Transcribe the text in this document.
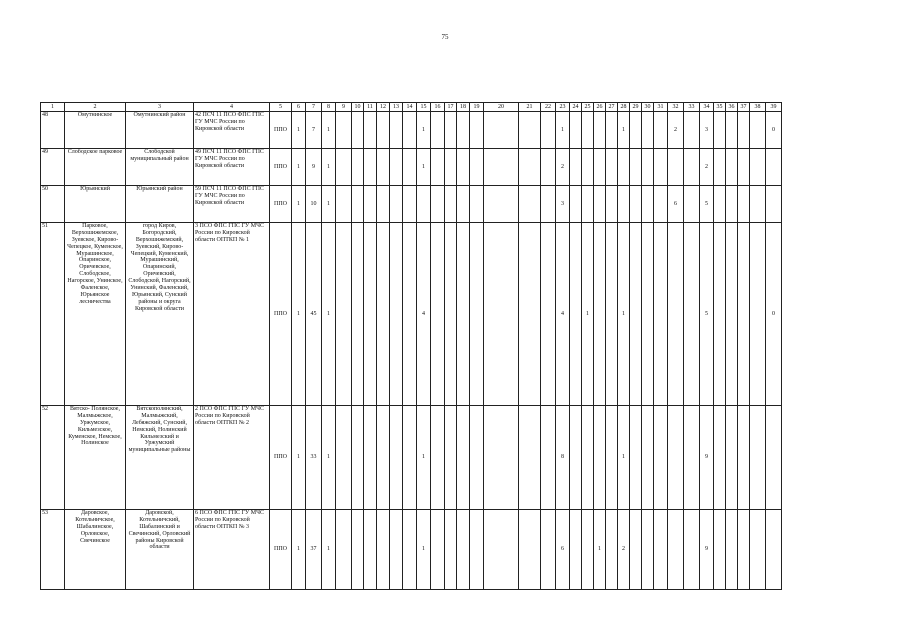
75
1	2	3	4	5	6	7	8	9	10	11	12	13	14	15	16	17	18	19	20	21	22	23	24	25	26	27	28	29	30	31	32	33	34	35	36	37	38	39
48	Омутнинское	Омутнинский район	42 ПСЧ 11 ПСО ФПС ГПС ГУ МЧС России по Кировской области	ППО	1	7	1							1								1					1				2		3					0
49	Слободское парковое	Слободской муниципальный район	49 ПСЧ 11 ПСО ФПС ГПС ГУ МЧС России по Кировской области	ППО	1	9	1							1								2											2					
50	Юрьянский	Юрьянский район	59 ПСЧ 11 ПСО ФПС ГПС ГУ МЧС России по Кировской области	ППО	1	10	1															3									6		5					
51	Парковое, Верхошижемское, Зуевское, Кирово-Чепецкое, Куменское, Мурашинское, Опаринское, Оричевское, Слободское, Нагорское, Унинское, Фаленское, Юрьянское лесничества	город Киров, Богородский, Верхошижемский, Зуевский, Кирово-Чепецкий, Куменский, Мурашинский, Опаринский, Оричевский, Слободской, Нагорский, Унинский, Фаленский, Юрьянский, Сунский районы и округа Кировской области	3 ПСО ФПС ГПС ГУ МЧС России по Кировской области ОПТКП № 1	ППО	1	45	1							4								4		1			1						5					0
52	Вятско- Полянское, Малмыжское, Уржумское, Кильмезское, Куменское, Немское, Нолинское	Вятскополянский, Малмыжский, Лебяжский, Сунский, Немский, Нолинский Кильмезский и Уржумский муниципальные районы	2 ПСО ФПС ГПС ГУ МЧС России по Кировской области ОПТКП № 2	ППО	1	33	1							1								8					1						9					
53	Даровское, Котельничское, Шабалинское, Орловское, Свечинское	Даровской, Котельничский, Шабалинский и Свечинский, Орловский районы Кировской области	6 ПСО ФПС ГПС ГУ МЧС России по Кировской области ОПТКП № 3	ППО	1	37	1							1								6			1		2						9					
